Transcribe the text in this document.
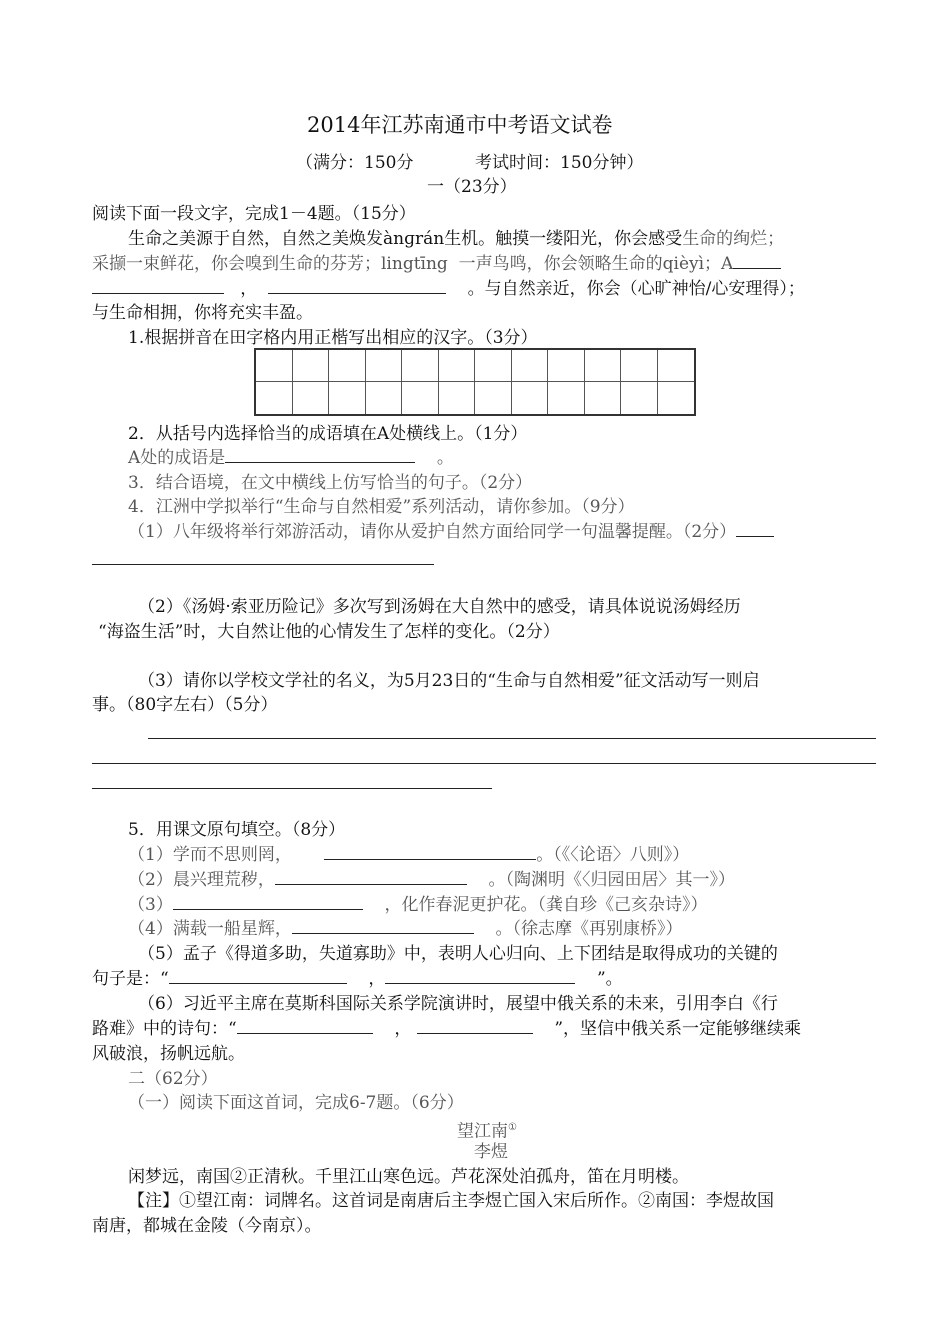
2014年江苏南通市中考语文试卷
（满分：150分	考试时间：150分钟）
一（23分）
阅读下面一段文字，完成1－4题。（15分）
生命之美源于自然，自然之美焕发ànɡrán生机。触摸一缕阳光，你会感受生命的绚烂；
采撷一束鲜花，你会嗅到生命的芬芳；lingtīng 一声鸟鸣，你会领略生命的qièyì；A
，	。与自然亲近，你会（心旷神怡/心安理得）；
与生命相拥，你将充实丰盈。
1.根据拼音在田字格内用正楷写出相应的汉字。（3分）
2．从括号内选择恰当的成语填在A处横线上。（1分）
A处的成语是	。
3．结合语境，在文中横线上仿写恰当的句子。（2分）
4．江洲中学拟举行“生命与自然相爱”系列活动，请你参加。（9分）
（1）八年级将举行郊游活动，请你从爱护自然方面给同学一句温馨提醒。（2分）
（2）《汤姆·索亚历险记》多次写到汤姆在大自然中的感受，请具体说说汤姆经历
“海盗生活”时，大自然让他的心情发生了怎样的变化。（2分）
（3）请你以学校文学社的名义，为5月23日的“生命与自然相爱”征文活动写一则启
事。（80字左右）（5分）
5．用课文原句填空。（8分）
（1）学而不思则罔，	。（《〈论语〉八则》）
（2）晨兴理荒秽，	。（陶渊明《〈归园田居〉其一》）
（3）	，化作春泥更护花。（龚自珍《己亥杂诗》）
（4）满载一船星辉，	。（徐志摩《再别康桥》）
（5）孟子《得道多助，失道寡助》中，表明人心归向、上下团结是取得成功的关键的
句子是：“	，	”。
（6）习近平主席在莫斯科国际关系学院演讲时，展望中俄关系的未来，引用李白《行
路难》中的诗句：“	，	”，坚信中俄关系一定能够继续乘
风破浪，扬帆远航。
二（62分）
（一）阅读下面这首词，完成6-7题。（6分）
望江南①
李煜
闲梦远，南国②正清秋。千里江山寒色远。芦花深处泊孤舟，笛在月明楼。
【注】①望江南：词牌名。这首词是南唐后主李煜亡国入宋后所作。②南国：李煜故国
南唐，都城在金陵（今南京）。
